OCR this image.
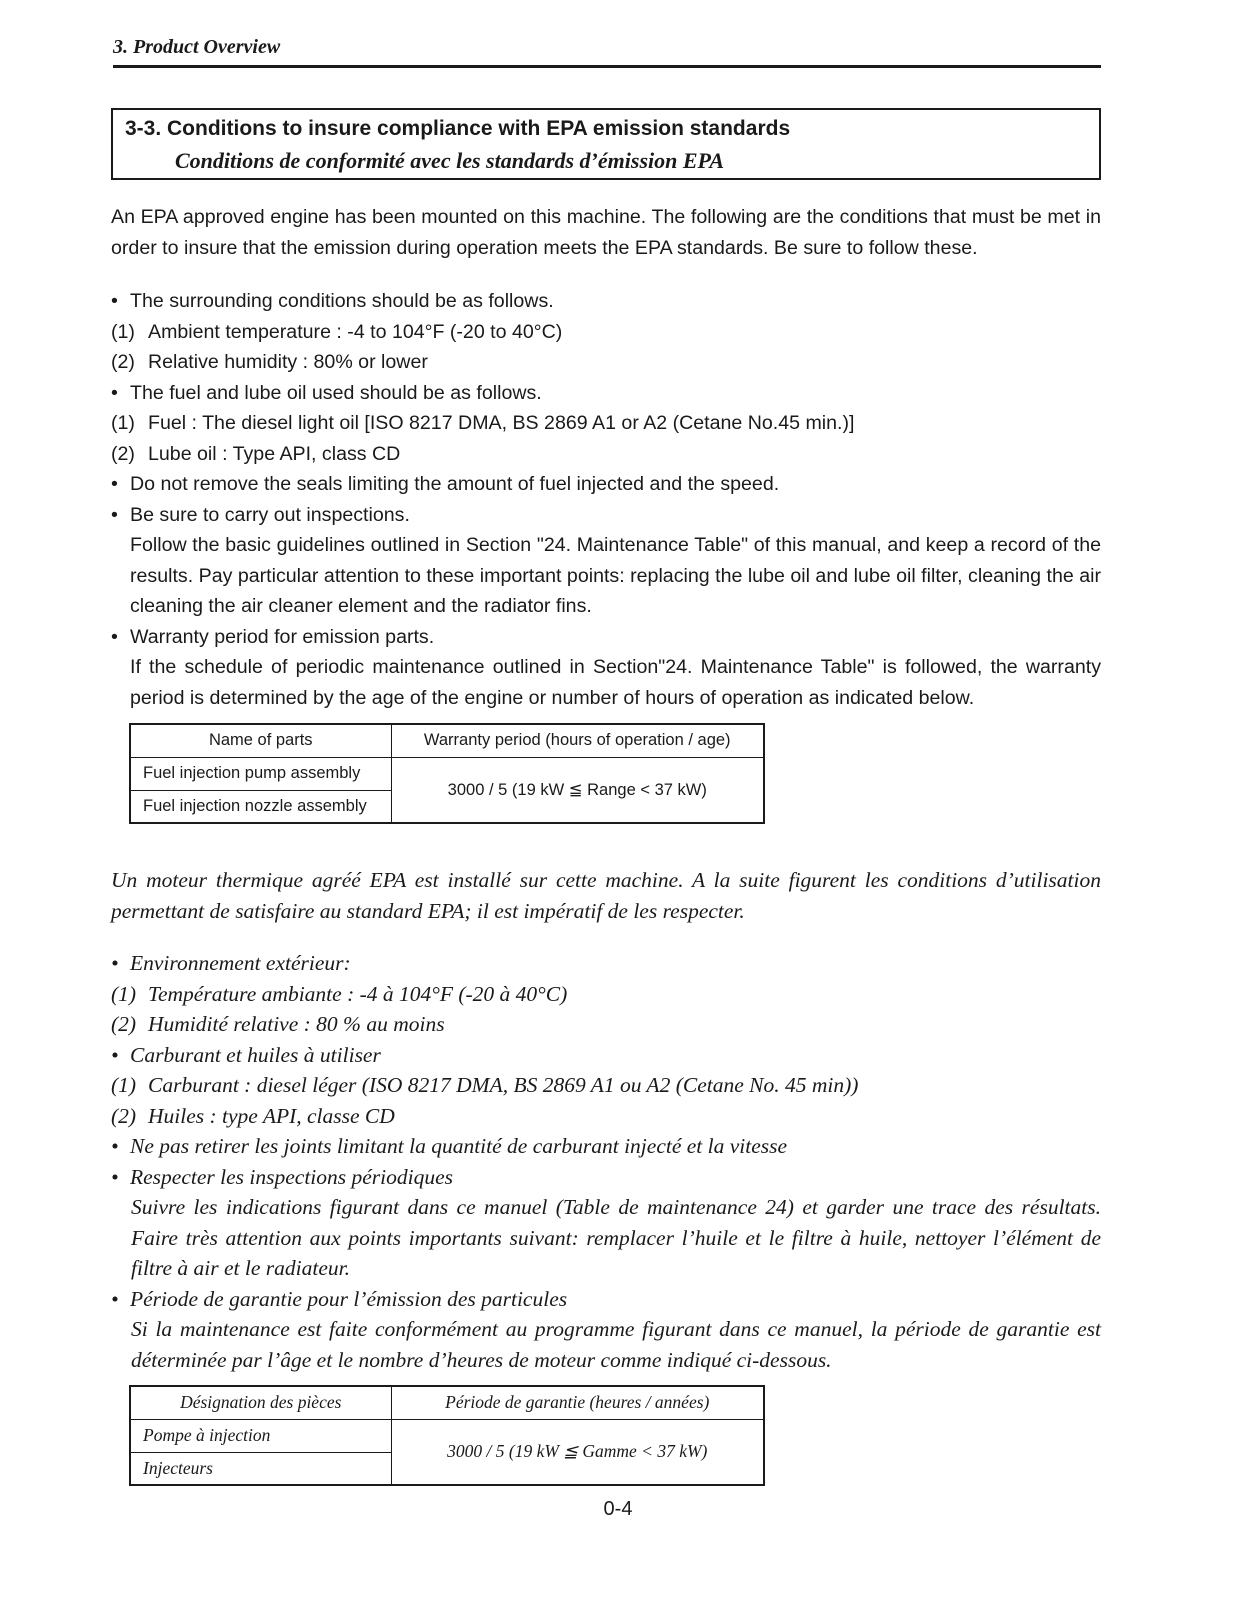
3. Product Overview
3-3. Conditions to insure compliance with EPA emission standards
Conditions de conformité avec les standards d’émission EPA

An EPA approved engine has been mounted on this machine. The following are the conditions that must be met in order to insure that the emission during operation meets the EPA standards. Be sure to follow these.

• The surrounding conditions should be as follows.
(1) Ambient temperature : -4 to 104°F (-20 to 40°C)
(2) Relative humidity : 80% or lower
• The fuel and lube oil used should be as follows.
(1) Fuel : The diesel light oil [ISO 8217 DMA, BS 2869 A1 or A2 (Cetane No.45 min.)]
(2) Lube oil : Type API, class CD
• Do not remove the seals limiting the amount of fuel injected and the speed.
• Be sure to carry out inspections.
Follow the basic guidelines outlined in Section "24. Maintenance Table" of this manual, and keep a record of the results. Pay particular attention to these important points: replacing the lube oil and lube oil filter, cleaning the air cleaning the air cleaner element and the radiator fins.
• Warranty period for emission parts.
If the schedule of periodic maintenance outlined in Section"24. Maintenance Table" is followed, the warranty period is determined by the age of the engine or number of hours of operation as indicated below.
Name of parts	Warranty period (hours of operation / age)
Fuel injection pump assembly	3000 / 5 (19 kW ≦ Range < 37 kW)
Fuel injection nozzle assembly	

Un moteur thermique agréé EPA est installé sur cette machine. A la suite figurent les conditions d’utilisation permettant de satisfaire au standard EPA; il est impératif de les respecter.

• Environnement extérieur:
(1) Température ambiante : -4 à 104°F (-20 à 40°C)
(2) Humidité relative : 80 % au moins
• Carburant et huiles à utiliser
(1) Carburant : diesel léger (ISO 8217 DMA, BS 2869 A1 ou A2 (Cetane No. 45 min))
(2) Huiles : type API, classe CD
• Ne pas retirer les joints limitant la quantité de carburant injecté et la vitesse
• Respecter les inspections périodiques
Suivre les indications figurant dans ce manuel (Table de maintenance 24) et garder une trace des résultats. Faire très attention aux points importants suivant: remplacer l’huile et le filtre à huile, nettoyer l’élément de filtre à air et le radiateur.
• Période de garantie pour l’émission des particules
Si la maintenance est faite conformément au programme figurant dans ce manuel, la période de garantie est déterminée par l’âge et le nombre d’heures de moteur comme indiqué ci-dessous.
Désignation des pièces	Période de garantie (heures / années)
Pompe à injection	3000 / 5 (19 kW ≦ Gamme < 37 kW)
Injecteurs	
0-4
